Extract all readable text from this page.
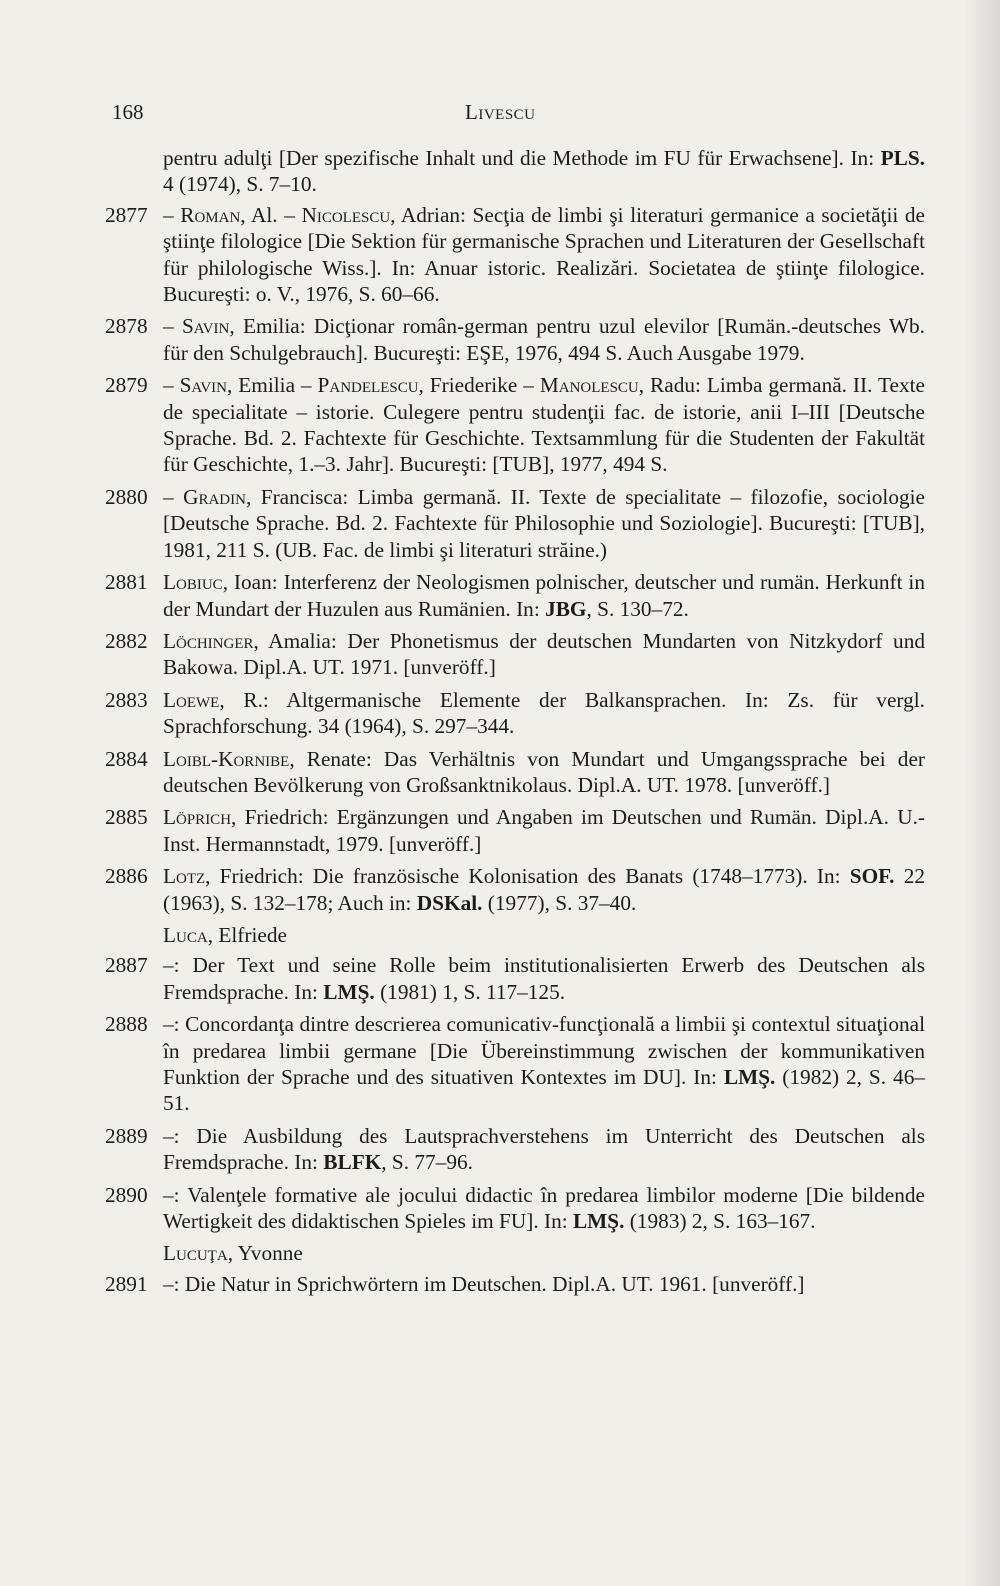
168	Livescu
pentru adulţi [Der spezifische Inhalt und die Methode im FU für Erwachsene]. In: PLS. 4 (1974), S. 7–10.
2877 – Roman, Al. – Nicolescu, Adrian: Secţia de limbi şi literaturi germanice a societăţii de ştiinţe filologice [Die Sektion für germanische Sprachen und Literaturen der Gesellschaft für philologische Wiss.]. In: Anuar istoric. Realizări. Societatea de ştiinţe filologice. Bucureşti: o. V., 1976, S. 60–66.
2878 – Savin, Emilia: Dicţionar român-german pentru uzul elevilor [Rumän.-deutsches Wb. für den Schulgebrauch]. Bucureşti: EŞE, 1976, 494 S. Auch Ausgabe 1979.
2879 – Savin, Emilia – Pandelescu, Friederike – Manolescu, Radu: Limba germană. II. Texte de specialitate – istorie. Culegere pentru studenţii fac. de istorie, anii I–III [Deutsche Sprache. Bd. 2. Fachtexte für Geschichte. Textsammlung für die Studenten der Fakultät für Geschichte, 1.–3. Jahr]. Bucureşti: [TUB], 1977, 494 S.
2880 – Gradin, Francisca: Limba germană. II. Texte de specialitate – filozofie, sociologie [Deutsche Sprache. Bd. 2. Fachtexte für Philosophie und Soziologie]. Bucureşti: [TUB], 1981, 211 S. (UB. Fac. de limbi şi literaturi străine.)
2881 Lobiuc, Ioan: Interferenz der Neologismen polnischer, deutscher und rumän. Herkunft in der Mundart der Huzulen aus Rumänien. In: JBG, S. 130–72.
2882 Löchinger, Amalia: Der Phonetismus der deutschen Mundarten von Nitzkydorf und Bakowa. Dipl.A. UT. 1971. [unveröff.]
2883 Loewe, R.: Altgermanische Elemente der Balkansprachen. In: Zs. für vergl. Sprachforschung. 34 (1964), S. 297–344.
2884 Loibl-Kornibe, Renate: Das Verhältnis von Mundart und Umgangssprache bei der deutschen Bevölkerung von Großsanktnikolaus. Dipl.A. UT. 1978. [unveröff.]
2885 Löprich, Friedrich: Ergänzungen und Angaben im Deutschen und Rumän. Dipl.A. U.-Inst. Hermannstadt, 1979. [unveröff.]
2886 Lotz, Friedrich: Die französische Kolonisation des Banats (1748–1773). In: SOF. 22 (1963), S. 132–178; Auch in: DSKal. (1977), S. 37–40.
Luca, Elfriede
2887 –: Der Text und seine Rolle beim institutionalisierten Erwerb des Deutschen als Fremdsprache. In: LMŞ. (1981) 1, S. 117–125.
2888 –: Concordanţa dintre descrierea comunicativ-funcţională a limbii şi contextul situaţional în predarea limbii germane [Die Übereinstimmung zwischen der kommunikativen Funktion der Sprache und des situativen Kontextes im DU]. In: LMŞ. (1982) 2, S. 46–51.
2889 –: Die Ausbildung des Lautsprachverstehens im Unterricht des Deutschen als Fremdsprache. In: BLFK, S. 77–96.
2890 –: Valenţele formative ale jocului didactic în predarea limbilor moderne [Die bildende Wertigkeit des didaktischen Spieles im FU]. In: LMŞ. (1983) 2, S. 163–167.
Lucuţa, Yvonne
2891 –: Die Natur in Sprichwörtern im Deutschen. Dipl.A. UT. 1961. [unveröff.]
